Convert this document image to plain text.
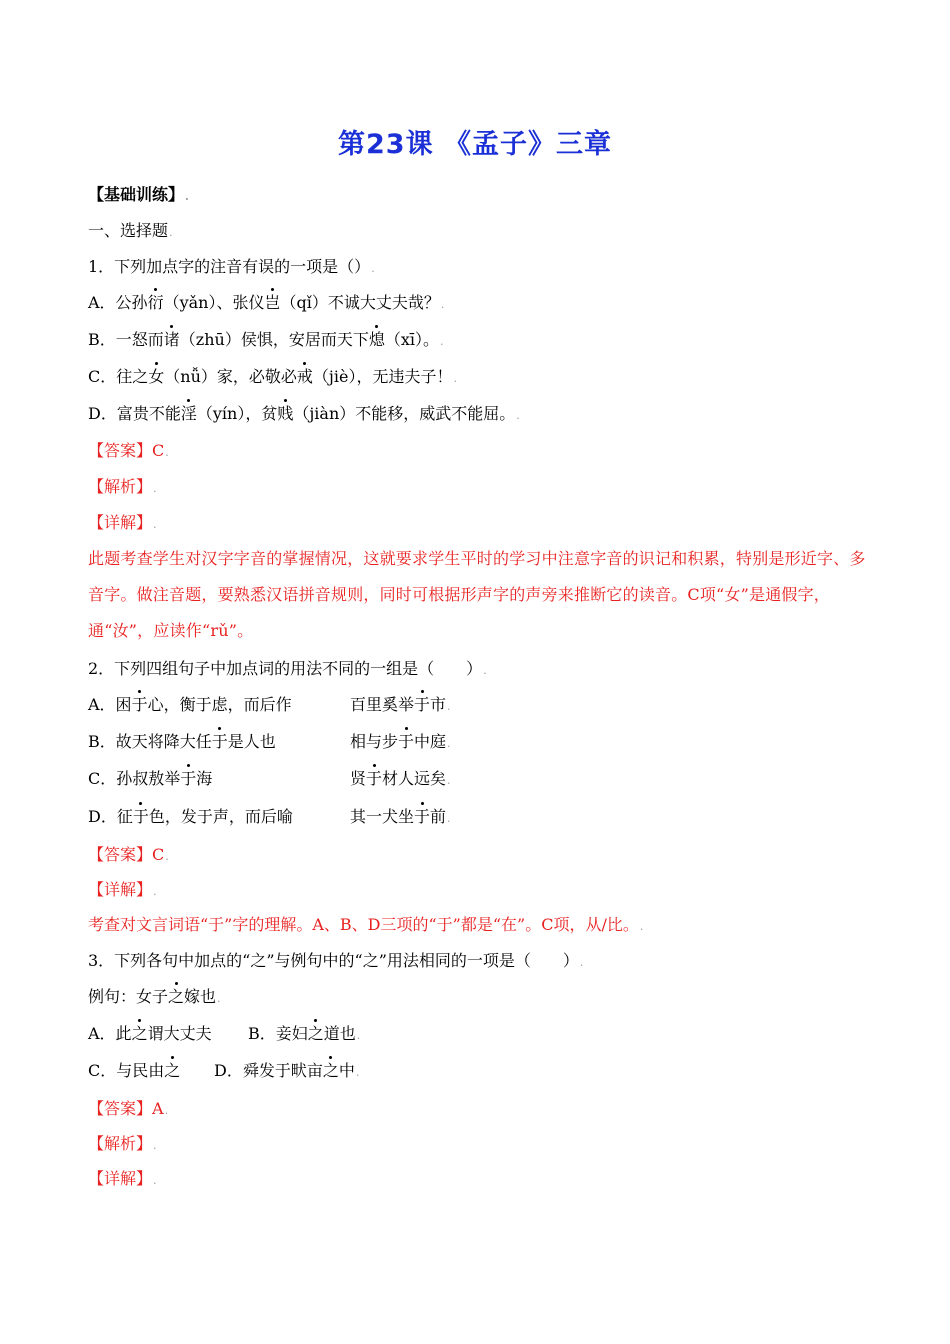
第23课 《孟子》三章
【基础训练】.
一、选择题.
1．下列加点字的注音有误的一项是（）.
A．公孙衍（yǎn）、张仪岂（qǐ）不诚大丈夫哉？.
B．一怒而诸（zhū）侯惧，安居而天下熄（xī）。.
C．往之女（nǚ）家，必敬必戒（jiè），无违夫子！.
D．富贵不能淫（yín），贫贱（jiàn）不能移，威武不能屈。.
【答案】C.
【解析】.
【详解】.
此题考查学生对汉字字音的掌握情况，这就要求学生平时的学习中注意字音的识记和积累，特别是形近字、多音字。做注音题，要熟悉汉语拼音规则，同时可根据形声字的声旁来推断它的读音。C项“女”是通假字，通“汝”，应读作“rǔ”。
2．下列四组句子中加点词的用法不同的一组是（　　）.
A．困于心，衡于虑，而后作	百里奚举于市.
B．故天将降大任于是人也	相与步于中庭.
C．孙叔敖举于海	贤于材人远矣.
D．征于色，发于声，而后喻	其一犬坐于前.
【答案】C.
【详解】.
考查对文言词语“于”字的理解。A、B、D三项的“于”都是“在”。C项，从/比。.
3．下列各句中加点的“之”与例句中的“之”用法相同的一项是（　　）.
例句：女子之嫁也.
A．此之谓大丈夫 B．妾妇之道也.
C．与民由之 D．舜发于畎亩之中.
【答案】A.
【解析】.
【详解】.
